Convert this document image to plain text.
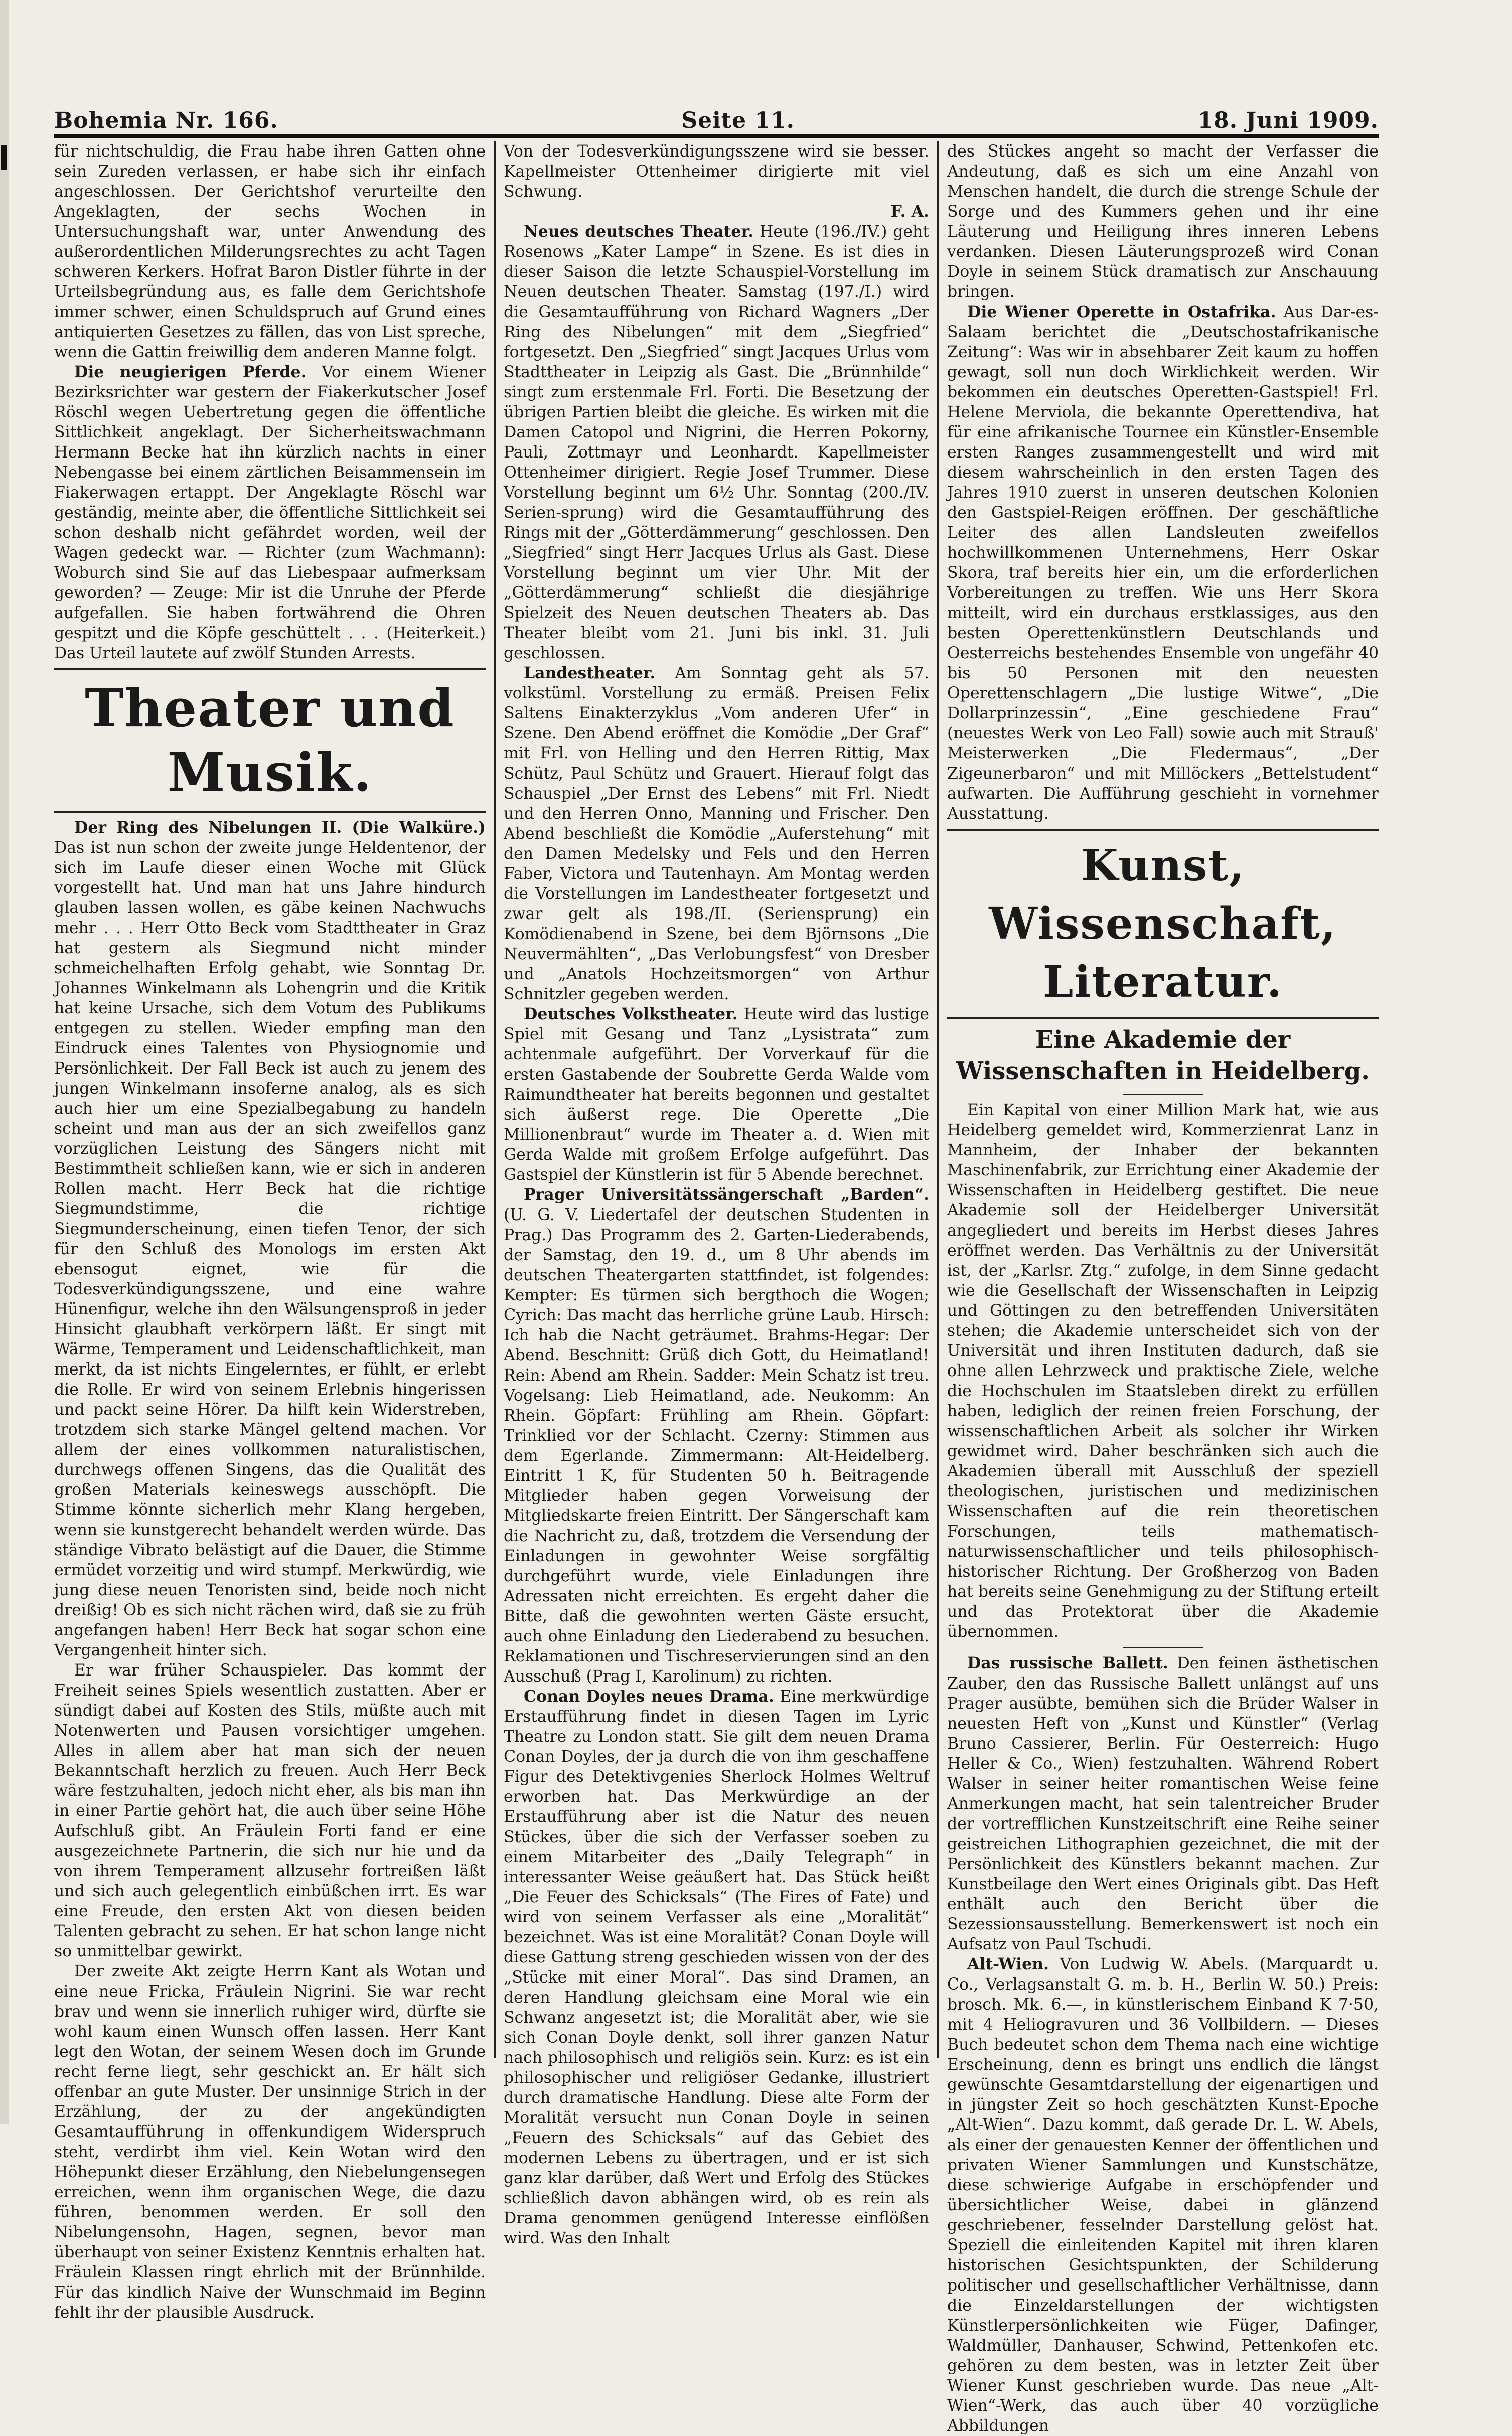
Bohemia Nr. 166.	Seite 11.	18. Juni 1909.

für nichtschuldig, die Frau habe ihren Gatten ohne sein Zureden verlassen, er habe sich ihr einfach angeschlossen. Der Gerichtshof verurteilte den Angeklagten, der sechs Wochen in Untersuchungshaft war, unter Anwendung des außerordentlichen Milderungsrechtes zu acht Tagen schweren Kerkers. Hofrat Baron Distler führte in der Urteilsbegründung aus, es falle dem Gerichtshofe immer schwer, einen Schuldspruch auf Grund eines antiquierten Gesetzes zu fällen, das von List spreche, wenn die Gattin freiwillig dem anderen Manne folgt.

Die neugierigen Pferde. Vor einem Wiener Bezirksrichter war gestern der Fiakerkutscher Josef Röschl wegen Uebertretung gegen die öffentliche Sittlichkeit angeklagt. Der Sicherheitswachmann Hermann Becke hat ihn kürzlich nachts in einer Nebengasse bei einem zärtlichen Beisammensein im Fiakerwagen ertappt. Der Angeklagte Röschl war geständig, meinte aber, die öffentliche Sittlichkeit sei schon deshalb nicht gefährdet worden, weil der Wagen gedeckt war. — Richter (zum Wachmann): Woburch sind Sie auf das Liebespaar aufmerksam geworden? — Zeuge: Mir ist die Unruhe der Pferde aufgefallen. Sie haben fortwährend die Ohren gespitzt und die Köpfe geschüttelt . . . (Heiterkeit.) Das Urteil lautete auf zwölf Stunden Arrests.

Theater und Musik.

Der Ring des Nibelungen II. (Die Walküre.) Das ist nun schon der zweite junge Heldentenor, der sich im Laufe dieser einen Woche mit Glück vorgestellt hat. Und man hat uns Jahre hindurch glauben lassen wollen, es gäbe keinen Nachwuchs mehr . . . Herr Otto Beck vom Stadttheater in Graz hat gestern als Siegmund nicht minder schmeichelhaften Erfolg gehabt, wie Sonntag Dr. Johannes Winkelmann als Lohengrin und die Kritik hat keine Ursache, sich dem Votum des Publikums entgegen zu stellen. Wieder empfing man den Eindruck eines Talentes von Physiognomie und Persönlichkeit. Der Fall Beck ist auch zu jenem des jungen Winkelmann insoferne analog, als es sich auch hier um eine Spezialbegabung zu handeln scheint und man aus der an sich zweifellos ganz vorzüglichen Leistung des Sängers nicht mit Bestimmtheit schließen kann, wie er sich in anderen Rollen macht. Herr Beck hat die richtige Siegmundstimme, die richtige Siegmunderscheinung, einen tiefen Tenor, der sich für den Schluß des Monologs im ersten Akt ebensogut eignet, wie für die Todesverkündigungsszene, und eine wahre Hünenfigur, welche ihn den Wälsungensproß in jeder Hinsicht glaubhaft verkörpern läßt. Er singt mit Wärme, Temperament und Leidenschaftlichkeit, man merkt, da ist nichts Eingelerntes, er fühlt, er erlebt die Rolle. Er wird von seinem Erlebnis hingerissen und packt seine Hörer. Da hilft kein Widerstreben, trotzdem sich starke Mängel geltend machen. Vor allem der eines vollkommen naturalistischen, durchwegs offenen Singens, das die Qualität des großen Materials keineswegs ausschöpft. Die Stimme könnte sicherlich mehr Klang hergeben, wenn sie kunstgerecht behandelt werden würde. Das ständige Vibrato belästigt auf die Dauer, die Stimme ermüdet vorzeitig und wird stumpf. Merkwürdig, wie jung diese neuen Tenoristen sind, beide noch nicht dreißig! Ob es sich nicht rächen wird, daß sie zu früh angefangen haben! Herr Beck hat sogar schon eine Vergangenheit hinter sich.

Er war früher Schauspieler. Das kommt der Freiheit seines Spiels wesentlich zustatten. Aber er sündigt dabei auf Kosten des Stils, müßte auch mit Notenwerten und Pausen vorsichtiger umgehen. Alles in allem aber hat man sich der neuen Bekanntschaft herzlich zu freuen. Auch Herr Beck wäre festzuhalten, jedoch nicht eher, als bis man ihn in einer Partie gehört hat, die auch über seine Höhe Aufschluß gibt. An Fräulein Forti fand er eine ausgezeichnete Partnerin, die sich nur hie und da von ihrem Temperament allzusehr fortreißen läßt und sich auch gelegentlich einbüßchen irrt. Es war eine Freude, den ersten Akt von diesen beiden Talenten gebracht zu sehen. Er hat schon lange nicht so unmittelbar gewirkt.

Der zweite Akt zeigte Herrn Kant als Wotan und eine neue Fricka, Fräulein Nigrini. Sie war recht brav und wenn sie innerlich ruhiger wird, dürfte sie wohl kaum einen Wunsch offen lassen. Herr Kant legt den Wotan, der seinem Wesen doch im Grunde recht ferne liegt, sehr geschickt an. Er hält sich offenbar an gute Muster. Der unsinnige Strich in der Erzählung, der zu der angekündigten Gesamtaufführung in offenkundigem Widerspruch steht, verdirbt ihm viel. Kein Wotan wird den Höhepunkt dieser Erzählung, den Niebelungensegen erreichen, wenn ihm organischen Wege, die dazu führen, benommen werden. Er soll den Nibelungensohn, Hagen, segnen, bevor man überhaupt von seiner Existenz Kenntnis erhalten hat. Fräulein Klassen ringt ehrlich mit der Brünnhilde. Für das kindlich Naive der Wunschmaid im Beginn fehlt ihr der plausible Ausdruck.

Von der Todesverkündigungsszene wird sie besser. Kapellmeister Ottenheimer dirigierte mit viel Schwung.

F. A.

Neues deutsches Theater. Heute (196./IV.) geht Rosenows „Kater Lampe“ in Szene. Es ist dies in dieser Saison die letzte Schauspiel-Vorstellung im Neuen deutschen Theater. Samstag (197./I.) wird die Gesamtaufführung von Richard Wagners „Der Ring des Nibelungen“ mit dem „Siegfried“ fortgesetzt. Den „Siegfried“ singt Jacques Urlus vom Stadttheater in Leipzig als Gast. Die „Brünnhilde“ singt zum erstenmale Frl. Forti. Die Besetzung der übrigen Partien bleibt die gleiche. Es wirken mit die Damen Catopol und Nigrini, die Herren Pokorny, Pauli, Zottmayr und Leonhardt. Kapellmeister Ottenheimer dirigiert. Regie Josef Trummer. Diese Vorstellung beginnt um 6½ Uhr. Sonntag (200./IV. Serien-sprung) wird die Gesamtaufführung des Rings mit der „Götterdämmerung“ geschlossen. Den „Siegfried“ singt Herr Jacques Urlus als Gast. Diese Vorstellung beginnt um vier Uhr. Mit der „Götterdämmerung“ schließt die diesjährige Spielzeit des Neuen deutschen Theaters ab. Das Theater bleibt vom 21. Juni bis inkl. 31. Juli geschlossen.

Landestheater. Am Sonntag geht als 57. volkstüml. Vorstellung zu ermäß. Preisen Felix Saltens Einakterzyklus „Vom anderen Ufer“ in Szene. Den Abend eröffnet die Komödie „Der Graf“ mit Frl. von Helling und den Herren Rittig, Max Schütz, Paul Schütz und Grauert. Hierauf folgt das Schauspiel „Der Ernst des Lebens“ mit Frl. Niedt und den Herren Onno, Manning und Frischer. Den Abend beschließt die Komödie „Auferstehung“ mit den Damen Medelsky und Fels und den Herren Faber, Victora und Tautenhayn. Am Montag werden die Vorstellungen im Landestheater fortgesetzt und zwar gelt als 198./II. (Seriensprung) ein Komödienabend in Szene, bei dem Björnsons „Die Neuvermählten“, „Das Verlobungsfest“ von Dresber und „Anatols Hochzeitsmorgen“ von Arthur Schnitzler gegeben werden.

Deutsches Volkstheater. Heute wird das lustige Spiel mit Gesang und Tanz „Lysistrata“ zum achtenmale aufgeführt. Der Vorverkauf für die ersten Gastabende der Soubrette Gerda Walde vom Raimundtheater hat bereits begonnen und gestaltet sich äußerst rege. Die Operette „Die Millionenbraut“ wurde im Theater a. d. Wien mit Gerda Walde mit großem Erfolge aufgeführt. Das Gastspiel der Künstlerin ist für 5 Abende berechnet.

Prager Universitätssängerschaft „Barden“. (U. G. V. Liedertafel der deutschen Studenten in Prag.) Das Programm des 2. Garten-Liederabends, der Samstag, den 19. d., um 8 Uhr abends im deutschen Theatergarten stattfindet, ist folgendes: Kempter: Es türmen sich bergthoch die Wogen; Cyrich: Das macht das herrliche grüne Laub. Hirsch: Ich hab die Nacht geträumet. Brahms-Hegar: Der Abend. Beschnitt: Grüß dich Gott, du Heimatland! Rein: Abend am Rhein. Sadder: Mein Schatz ist treu. Vogelsang: Lieb Heimatland, ade. Neukomm: An Rhein. Göpfart: Frühling am Rhein. Göpfart: Trinklied vor der Schlacht. Czerny: Stimmen aus dem Egerlande. Zimmermann: Alt-Heidelberg. Eintritt 1 K, für Studenten 50 h. Beitragende Mitglieder haben gegen Vorweisung der Mitgliedskarte freien Eintritt. Der Sängerschaft kam die Nachricht zu, daß, trotzdem die Versendung der Einladungen in gewohnter Weise sorgfältig durchgeführt wurde, viele Einladungen ihre Adressaten nicht erreichten. Es ergeht daher die Bitte, daß die gewohnten werten Gäste ersucht, auch ohne Einladung den Liederabend zu besuchen. Reklamationen und Tischreservierungen sind an den Ausschuß (Prag I, Karolinum) zu richten.

Conan Doyles neues Drama. Eine merkwürdige Erstaufführung findet in diesen Tagen im Lyric Theatre zu London statt. Sie gilt dem neuen Drama Conan Doyles, der ja durch die von ihm geschaffene Figur des Detektivgenies Sherlock Holmes Weltruf erworben hat. Das Merkwürdige an der Erstaufführung aber ist die Natur des neuen Stückes, über die sich der Verfasser soeben zu einem Mitarbeiter des „Daily Telegraph“ in interessanter Weise geäußert hat. Das Stück heißt „Die Feuer des Schicksals“ (The Fires of Fate) und wird von seinem Verfasser als eine „Moralität“ bezeichnet. Was ist eine Moralität? Conan Doyle will diese Gattung streng geschieden wissen von der des „Stücke mit einer Moral“. Das sind Dramen, an deren Handlung gleichsam eine Moral wie ein Schwanz angesetzt ist; die Moralität aber, wie sie sich Conan Doyle denkt, soll ihrer ganzen Natur nach philosophisch und religiös sein. Kurz: es ist ein philosophischer und religiöser Gedanke, illustriert durch dramatische Handlung. Diese alte Form der Moralität versucht nun Conan Doyle in seinen „Feuern des Schicksals“ auf das Gebiet des modernen Lebens zu übertragen, und er ist sich ganz klar darüber, daß Wert und Erfolg des Stückes schließlich davon abhängen wird, ob es rein als Drama genommen genügend Interesse einflößen wird. Was den Inhalt

des Stückes angeht so macht der Verfasser die Andeutung, daß es sich um eine Anzahl von Menschen handelt, die durch die strenge Schule der Sorge und des Kummers gehen und ihr eine Läuterung und Heiligung ihres inneren Lebens verdanken. Diesen Läuterungsprozeß wird Conan Doyle in seinem Stück dramatisch zur Anschauung bringen.

Die Wiener Operette in Ostafrika. Aus Dar-es-Salaam berichtet die „Deutschostafrikanische Zeitung“: Was wir in absehbarer Zeit kaum zu hoffen gewagt, soll nun doch Wirklichkeit werden. Wir bekommen ein deutsches Operetten-Gastspiel! Frl. Helene Merviola, die bekannte Operettendiva, hat für eine afrikanische Tournee ein Künstler-Ensemble ersten Ranges zusammengestellt und wird mit diesem wahrscheinlich in den ersten Tagen des Jahres 1910 zuerst in unseren deutschen Kolonien den Gastspiel-Reigen eröffnen. Der geschäftliche Leiter des allen Landsleuten zweifellos hochwillkommenen Unternehmens, Herr Oskar Skora, traf bereits hier ein, um die erforderlichen Vorbereitungen zu treffen. Wie uns Herr Skora mitteilt, wird ein durchaus erstklassiges, aus den besten Operettenkünstlern Deutschlands und Oesterreichs bestehendes Ensemble von ungefähr 40 bis 50 Personen mit den neuesten Operettenschlagern „Die lustige Witwe“, „Die Dollarprinzessin“, „Eine geschiedene Frau“ (neuestes Werk von Leo Fall) sowie auch mit Strauß' Meisterwerken „Die Fledermaus“, „Der Zigeunerbaron“ und mit Millöckers „Bettelstudent“ aufwarten. Die Aufführung geschieht in vornehmer Ausstattung.

Kunst, Wissenschaft, Literatur.
Eine Akademie der Wissenschaften in Heidelberg.

Ein Kapital von einer Million Mark hat, wie aus Heidelberg gemeldet wird, Kommerzienrat Lanz in Mannheim, der Inhaber der bekannten Maschinenfabrik, zur Errichtung einer Akademie der Wissenschaften in Heidelberg gestiftet. Die neue Akademie soll der Heidelberger Universität angegliedert und bereits im Herbst dieses Jahres eröffnet werden. Das Verhältnis zu der Universität ist, der „Karlsr. Ztg.“ zufolge, in dem Sinne gedacht wie die Gesellschaft der Wissenschaften in Leipzig und Göttingen zu den betreffenden Universitäten stehen; die Akademie unterscheidet sich von der Universität und ihren Instituten dadurch, daß sie ohne allen Lehrzweck und praktische Ziele, welche die Hochschulen im Staatsleben direkt zu erfüllen haben, lediglich der reinen freien Forschung, der wissenschaftlichen Arbeit als solcher ihr Wirken gewidmet wird. Daher beschränken sich auch die Akademien überall mit Ausschluß der speziell theologischen, juristischen und medizinischen Wissenschaften auf die rein theoretischen Forschungen, teils mathematisch-naturwissenschaftlicher und teils philosophisch-historischer Richtung. Der Großherzog von Baden hat bereits seine Genehmigung zu der Stiftung erteilt und das Protektorat über die Akademie übernommen.

Das russische Ballett. Den feinen ästhetischen Zauber, den das Russische Ballett unlängst auf uns Prager ausübte, bemühen sich die Brüder Walser in neuesten Heft von „Kunst und Künstler“ (Verlag Bruno Cassierer, Berlin. Für Oesterreich: Hugo Heller & Co., Wien) festzuhalten. Während Robert Walser in seiner heiter romantischen Weise feine Anmerkungen macht, hat sein talentreicher Bruder der vortrefflichen Kunstzeitschrift eine Reihe seiner geistreichen Lithographien gezeichnet, die mit der Persönlichkeit des Künstlers bekannt machen. Zur Kunstbeilage den Wert eines Originals gibt. Das Heft enthält auch den Bericht über die Sezessionsausstellung. Bemerkenswert ist noch ein Aufsatz von Paul Tschudi.

Alt-Wien. Von Ludwig W. Abels. (Marquardt u. Co., Verlagsanstalt G. m. b. H., Berlin W. 50.) Preis: brosch. Mk. 6.—, in künstlerischem Einband K 7·50, mit 4 Heliogravuren und 36 Vollbildern. — Dieses Buch bedeutet schon dem Thema nach eine wichtige Erscheinung, denn es bringt uns endlich die längst gewünschte Gesamtdarstellung der eigenartigen und in jüngster Zeit so hoch geschätzten Kunst-Epoche „Alt-Wien“. Dazu kommt, daß gerade Dr. L. W. Abels, als einer der genauesten Kenner der öffentlichen und privaten Wiener Sammlungen und Kunstschätze, diese schwierige Aufgabe in erschöpfender und übersichtlicher Weise, dabei in glänzend geschriebener, fesselnder Darstellung gelöst hat. Speziell die einleitenden Kapitel mit ihren klaren historischen Gesichtspunkten, der Schilderung politischer und gesellschaftlicher Verhältnisse, dann die Einzeldarstellungen der wichtigsten Künstlerpersönlichkeiten wie Füger, Dafinger, Waldmüller, Danhauser, Schwind, Pettenkofen etc. gehören zu dem besten, was in letzter Zeit über Wiener Kunst geschrieben wurde. Das neue „Alt-Wien“-Werk, das auch über 40 vorzügliche Abbildungen
